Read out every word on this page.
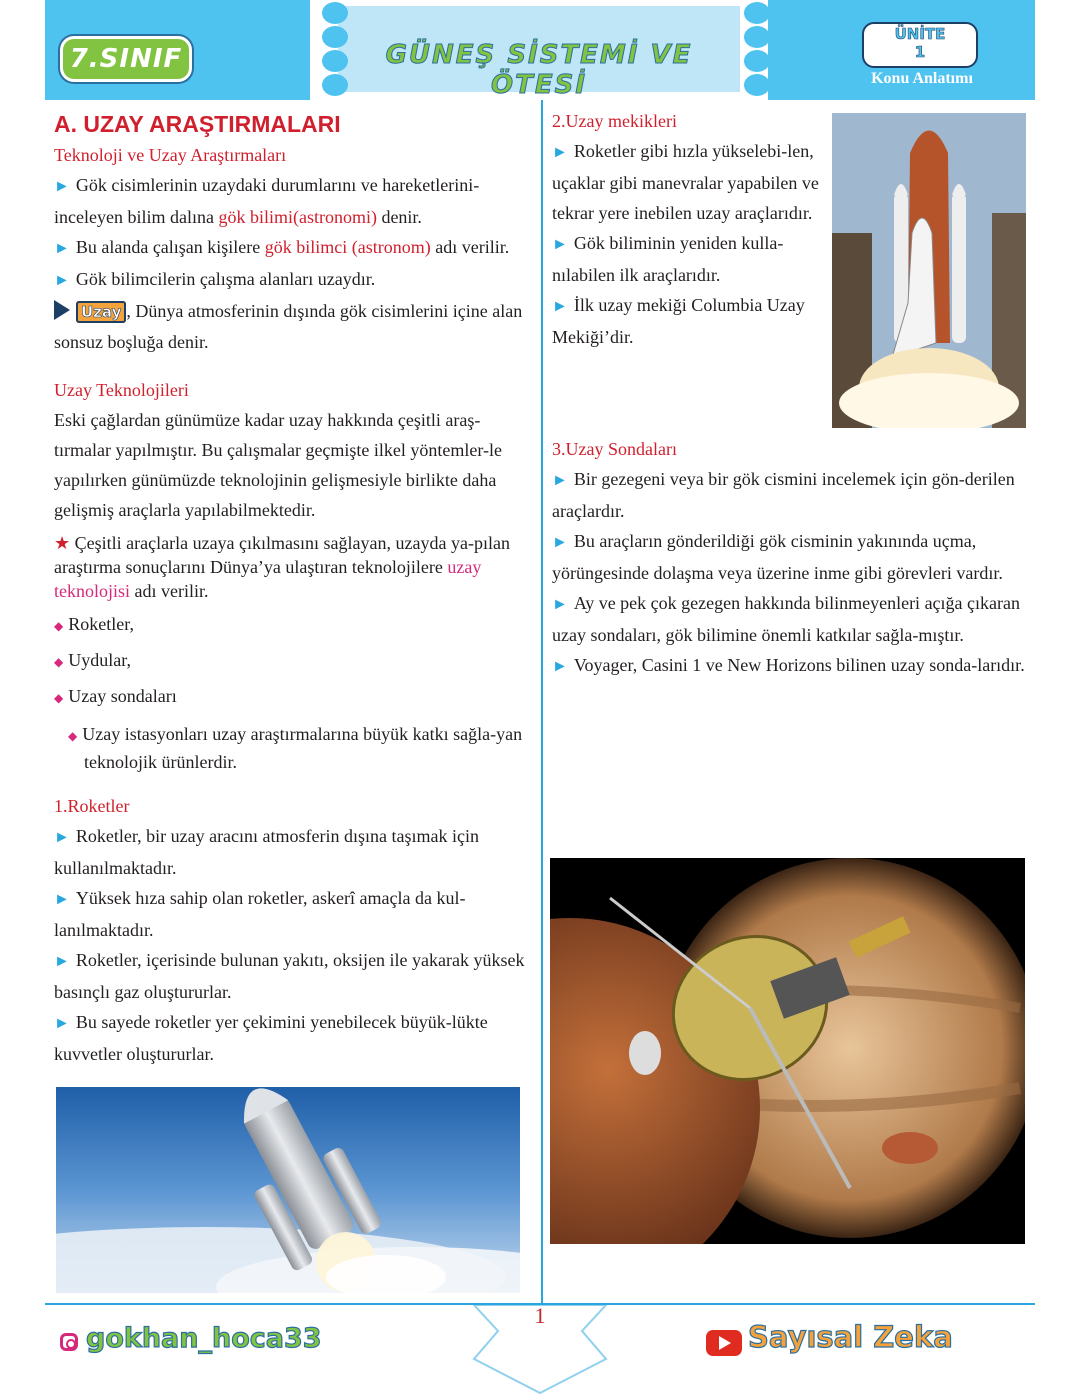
7.SINIF	GÜNEŞ SİSTEMİ VE ÖTESİ
ÜNİTE
1
Konu Anlatımı

A. UZAY ARAŞTIRMALARI

Teknoloji ve Uzay Araştırmaları

► Gök cisimlerinin uzaydaki durumlarını ve hareketlerini-inceleyen bilim dalına gök bilimi(astronomi) denir.

► Bu alanda çalışan kişilere gök bilimci (astronom) adı verilir.

► Gök bilimcilerin çalışma alanları uzaydır.

Uzay , Dünya atmosferinin dışında gök cisimlerini içine alan sonsuz boşluğa denir.

Uzay Teknolojileri

Eski çağlardan günümüze kadar uzay hakkında çeşitli araş-tırmalar yapılmıştır. Bu çalışmalar geçmişte ilkel yöntemler-le yapılırken günümüzde teknolojinin gelişmesiyle birlikte daha gelişmiş araçlarla yapılabilmektedir.

★ Çeşitli araçlarla uzaya çıkılmasını sağlayan, uzayda ya-pılan araştırma sonuçlarını Dünya’ya ulaştıran teknolojilere uzay teknolojisi adı verilir.

◆ Roketler,

◆ Uydular,

◆ Uzay sondaları

◆ Uzay istasyonları uzay araştırmalarına büyük katkı sağla-yan teknolojik ürünlerdir.

1.Roketler

► Roketler, bir uzay aracını atmosferin dışına taşımak için kullanılmaktadır.

► Yüksek hıza sahip olan roketler, askerî amaçla da kul-lanılmaktadır.

► Roketler, içerisinde bulunan yakıtı, oksijen ile yakarak yüksek basınçlı gaz oluştururlar.

► Bu sayede roketler yer çekimini yenebilecek büyük-lükte kuvvetler oluştururlar.

2.Uzay mekikleri

► Roketler gibi hızla yükselebi-len, uçaklar gibi manevralar yapabilen ve tekrar yere inebilen uzay araçlarıdır.

► Gök biliminin yeniden kulla-nılabilen ilk araçlarıdır.

► İlk uzay mekiği Columbia Uzay Mekiği’dir.

3.Uzay Sondaları

► Bir gezegeni veya bir gök cismini incelemek için gön-derilen araçlardır.

► Bu araçların gönderildiği gök cisminin yakınında uçma, yörüngesinde dolaşma veya üzerine inme gibi görevleri vardır.

► Ay ve pek çok gezegen hakkında bilinmeyenleri açığa çıkaran uzay sondaları, gök bilimine önemli katkılar sağla-mıştır.

► Voyager, Casini 1 ve New Horizons bilinen uzay sonda-larıdır.

1
gokhan_hoca33	Sayısal Zeka
